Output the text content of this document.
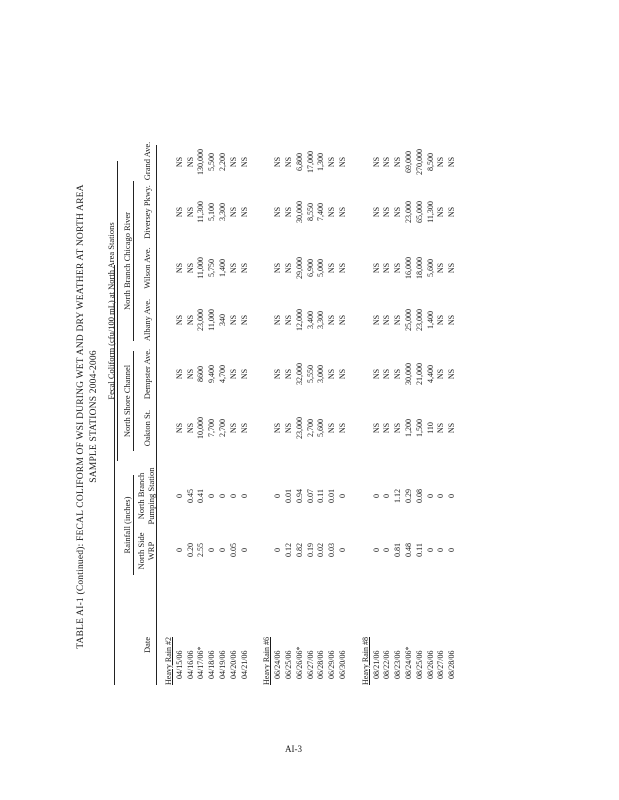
TABLE AI-1 (Continued): FECAL COLIFORM OF WSI DURING WET AND DRY WEATHER AT NORTH AREA SAMPLE STATIONS 2004-2006
Rainfall (inches)
Fecal Coliform (cfu/100 mL) at North Area Stations
North Shore Channel
North Branch Chicago River
Date
North Side WRP
North Branch Pumping Station
Oakton St.
Dempster Ave.
Albany Ave.
Wilson Ave.
Diversey Pkwy.
Grand Ave.
Heavy Rain #2 04/15/06
0
0
NS
NS
NS
NS
NS
NS
04/16/06
0.20
0.45
NS
NS
NS
NS
NS
NS
04/17/06*
2.55
0.41
10,000
8600
23,000
11,000
11,300
130,000
04/18/06
0
0
7,700
9,400
11,000
5,750
5,100
5,500
04/19/06
0
0
2,700
4,700
340
1,400
3,300
2,200
04/20/06
0.05
0
NS
NS
NS
NS
NS
NS
04/21/06
0
0
NS
NS
NS
NS
NS
NS
Heavy Rain #6 06/24/06
0
0
NS
NS
NS
NS
NS
NS
06/25/06
0.12
0.01
NS
NS
NS
NS
NS
NS
06/26/06*
0.82
0.94
23,000
32,000
12,000
29,000
30,000
6,800
06/27/06
0.19
0.07
2,700
5,550
3,400
6,900
8,550
17,000
06/28/06
0.02
0.11
5,600
3,000
3,300
5,000
7,400
1,300
06/29/06
0.03
0.01
NS
NS
NS
NS
NS
NS
06/30/06
0
0
NS
NS
NS
NS
NS
NS
Heavy Rain #8 08/21/06
0
0
NS
NS
NS
NS
NS
NS
08/22/06
0
0
NS
NS
NS
NS
NS
NS
08/23/06
0.81
1.12
NS
NS
NS
NS
NS
NS
08/24/06*
0.48
0.29
1,200
30,000
25,000
16,000
23,000
69,000
08/25/06
0.11
0.08
1,500
21,000
23,000
18,000
65,000
270,000
08/26/06
0
0
110
4,400
1,400
5,600
11,300
8,500
08/27/06
0
0
NS
NS
NS
NS
NS
NS
08/28/06
0
0
NS
NS
NS
NS
NS
NS
AI-3
